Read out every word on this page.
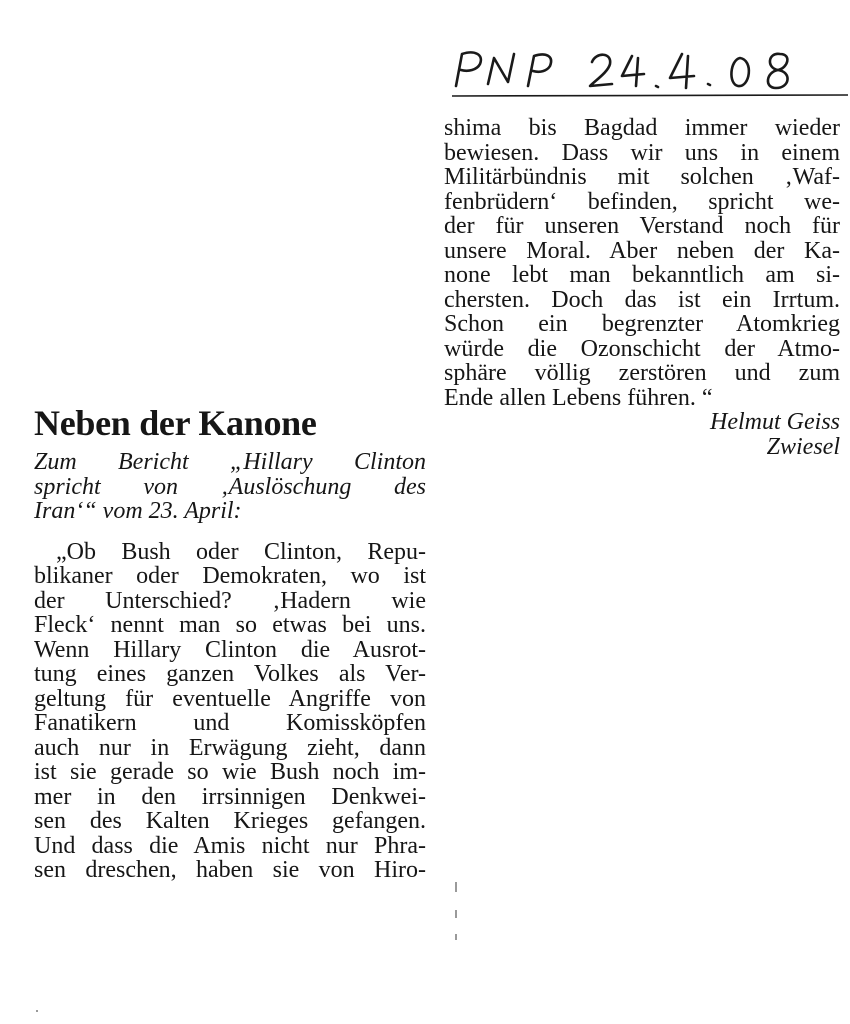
Neben der Kanone
Zum Bericht „Hillary Clinton
spricht von ‚Auslöschung des
Iran‘“ vom 23. April:
„Ob Bush oder Clinton, Repu-
blikaner oder Demokraten, wo ist
der Unterschied? ‚Hadern wie
Fleck‘ nennt man so etwas bei uns.
Wenn Hillary Clinton die Ausrot-
tung eines ganzen Volkes als Ver-
geltung für eventuelle Angriffe von
Fanatikern und Komissköpfen
auch nur in Erwägung zieht, dann
ist sie gerade so wie Bush noch im-
mer in den irrsinnigen Denkwei-
sen des Kalten Krieges gefangen.
Und dass die Amis nicht nur Phra-
sen dreschen, haben sie von Hiro-
shima bis Bagdad immer wieder
bewiesen. Dass wir uns in einem
Militärbündnis mit solchen ‚Waf-
fenbrüdern‘ befinden, spricht we-
der für unseren Verstand noch für
unsere Moral. Aber neben der Ka-
none lebt man bekanntlich am si-
chersten. Doch das ist ein Irrtum.
Schon ein begrenzter Atomkrieg
würde die Ozonschicht der Atmo-
sphäre völlig zerstören und zum
Ende allen Lebens führen. “
Helmut Geiss
Zwiesel
